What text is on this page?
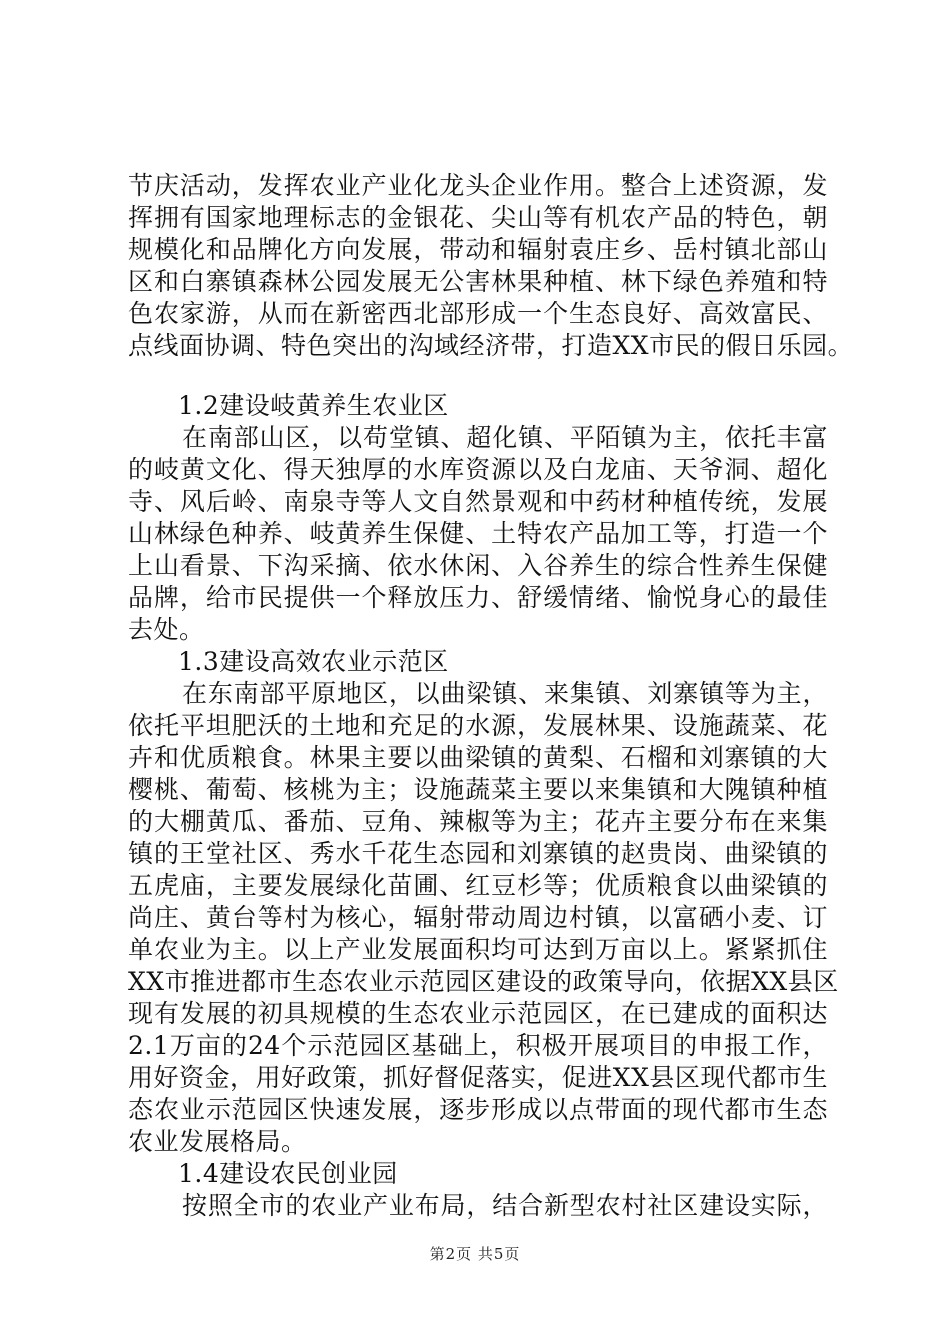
节庆活动，发挥农业产业化龙头企业作用。整合上述资源，发
挥拥有国家地理标志的金银花、尖山等有机农产品的特色，朝
规模化和品牌化方向发展，带动和辐射袁庄乡、岳村镇北部山
区和白寨镇森林公园发展无公害林果种植、林下绿色养殖和特
色农家游，从而在新密西北部形成一个生态良好、高效富民、
点线面协调、特色突出的沟域经济带，打造XX市民的假日乐园。
1.2建设岐黄养生农业区
在南部山区，以苟堂镇、超化镇、平陌镇为主，依托丰富
的岐黄文化、得天独厚的水库资源以及白龙庙、天爷洞、超化
寺、风后岭、南泉寺等人文自然景观和中药材种植传统，发展
山林绿色种养、岐黄养生保健、土特农产品加工等，打造一个
上山看景、下沟采摘、依水休闲、入谷养生的综合性养生保健
品牌，给市民提供一个释放压力、舒缓情绪、愉悦身心的最佳
去处。
1.3建设高效农业示范区
在东南部平原地区，以曲梁镇、来集镇、刘寨镇等为主，
依托平坦肥沃的土地和充足的水源，发展林果、设施蔬菜、花
卉和优质粮食。林果主要以曲梁镇的黄梨、石榴和刘寨镇的大
樱桃、葡萄、核桃为主；设施蔬菜主要以来集镇和大隗镇种植
的大棚黄瓜、番茄、豆角、辣椒等为主；花卉主要分布在来集
镇的王堂社区、秀水千花生态园和刘寨镇的赵贵岗、曲梁镇的
五虎庙，主要发展绿化苗圃、红豆杉等；优质粮食以曲梁镇的
尚庄、黄台等村为核心，辐射带动周边村镇，以富硒小麦、订
单农业为主。以上产业发展面积均可达到万亩以上。紧紧抓住
XX市推进都市生态农业示范园区建设的政策导向，依据XX县区
现有发展的初具规模的生态农业示范园区，在已建成的面积达
2.1万亩的24个示范园区基础上，积极开展项目的申报工作，
用好资金，用好政策，抓好督促落实，促进XX县区现代都市生
态农业示范园区快速发展，逐步形成以点带面的现代都市生态
农业发展格局。
1.4建设农民创业园
按照全市的农业产业布局，结合新型农村社区建设实际，
第2页 共5页
